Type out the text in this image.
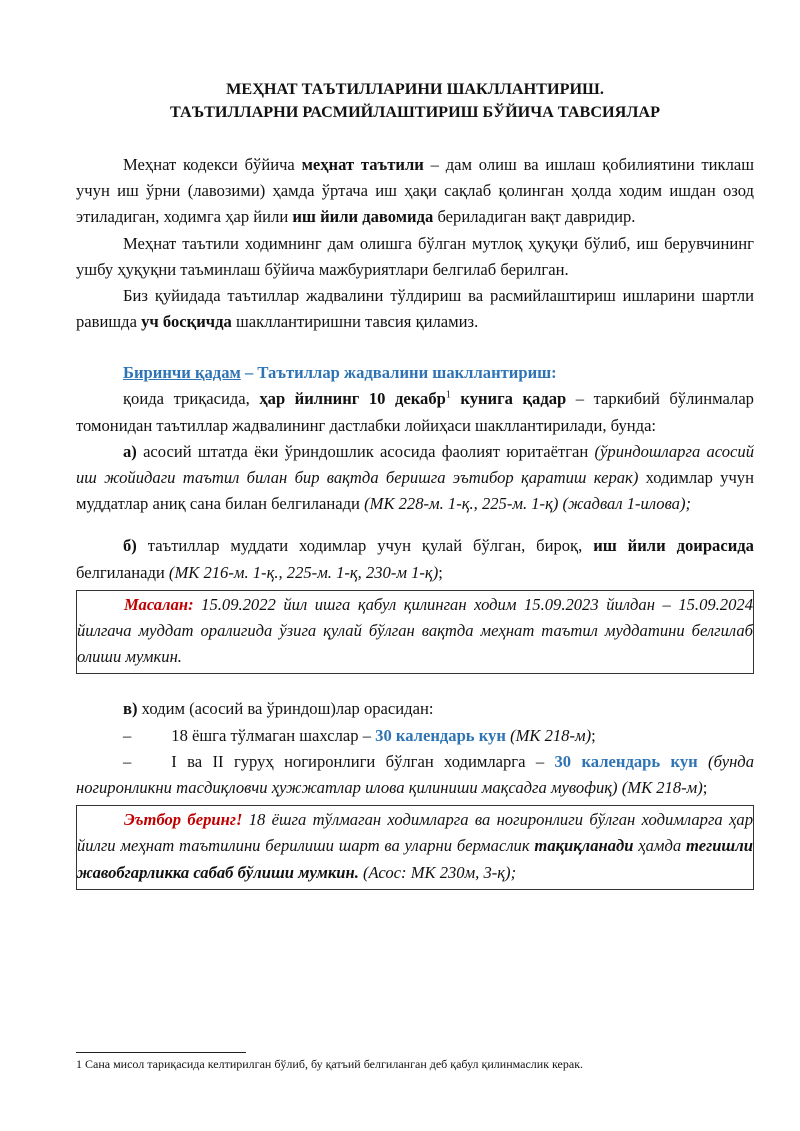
МЕҲНАТ ТАЪТИЛЛАРИНИ ШАКЛЛАНТИРИШ.

ТАЪТИЛЛАРНИ РАСМИЙЛАШТИРИШ БЎЙИЧА ТАВСИЯЛАР

Меҳнат кодекси бўйича меҳнат таътили – дам олиш ва ишлаш қобилиятини тиклаш учун иш ўрни (лавозими) ҳамда ўртача иш ҳақи сақлаб қолинган ҳолда ходим ишдан озод этиладиган, ходимга ҳар йили иш йили давомида бериладиган вақт давридир.

Меҳнат таътили ходимнинг дам олишга бўлган мутлоқ ҳуқуқи бўлиб, иш берувчининг ушбу ҳуқуқни таъминлаш бўйича мажбуриятлари белгилаб берилган.

Биз қуйидада таътиллар жадвалини тўлдириш ва расмийлаштириш ишларини шартли равишда уч босқичда шакллантиришни тавсия қиламиз.

Биринчи қадам – Таътиллар жадвалини шакллантириш:

қоида триқасида, ҳар йилнинг 10 декабр$^1$ кунига қадар – таркибий бўлинмалар томонидан таътиллар жадвалининг дастлабки лойиҳаси шакллантирилади, бунда:

а) асосий штатда ёки ўриндошлик асосида фаолият юритаётган (ўриндошларга асосий иш жойидаги таътил билан бир вақтда беришга эътибор қаратиш керак) ходимлар учун муддатлар аниқ сана билан белгиланади (МК 228-м. 1-қ., 225-м. 1-қ) (жадвал 1-илова);

б) таътиллар муддати ходимлар учун қулай бўлган, бироқ, иш йили доирасида белгиланади (МК 216-м. 1-қ., 225-м. 1-қ, 230-м 1-қ);

Масалан: 15.09.2022 йил ишга қабул қилинган ходим 15.09.2023 йилдан – 15.09.2024 йилгача муддат оралигида ўзига қулай бўлган вақтда меҳнат таътил муддатини белгилаб олиши мумкин.

в) ходим (асосий ва ўриндош)лар орасидан:

– 18 ёшга тўлмаган шахслар – 30 календарь кун (МК 218-м);

– I ва II гуруҳ ногиронлиги бўлган ходимларга – 30 календарь кун (бунда ногиронликни тасдиқловчи ҳужжатлар илова қилиниши мақсадга мувофиқ) (МК 218-м);

Эътбор беринг! 18 ёшга тўлмаган ходимларга ва ногиронлиги бўлган ходимларга ҳар йилги меҳнат таътилини берилиши шарт ва уларни бермаслик тақиқланади ҳамда тегишли жавобгарликка сабаб бўлиши мумкин. (Асос: МК 230м, 3-қ);

1 Сана мисол тариқасида келтирилган бўлиб, бу қатъий белгиланган деб қабул қилинмаслик керак.
